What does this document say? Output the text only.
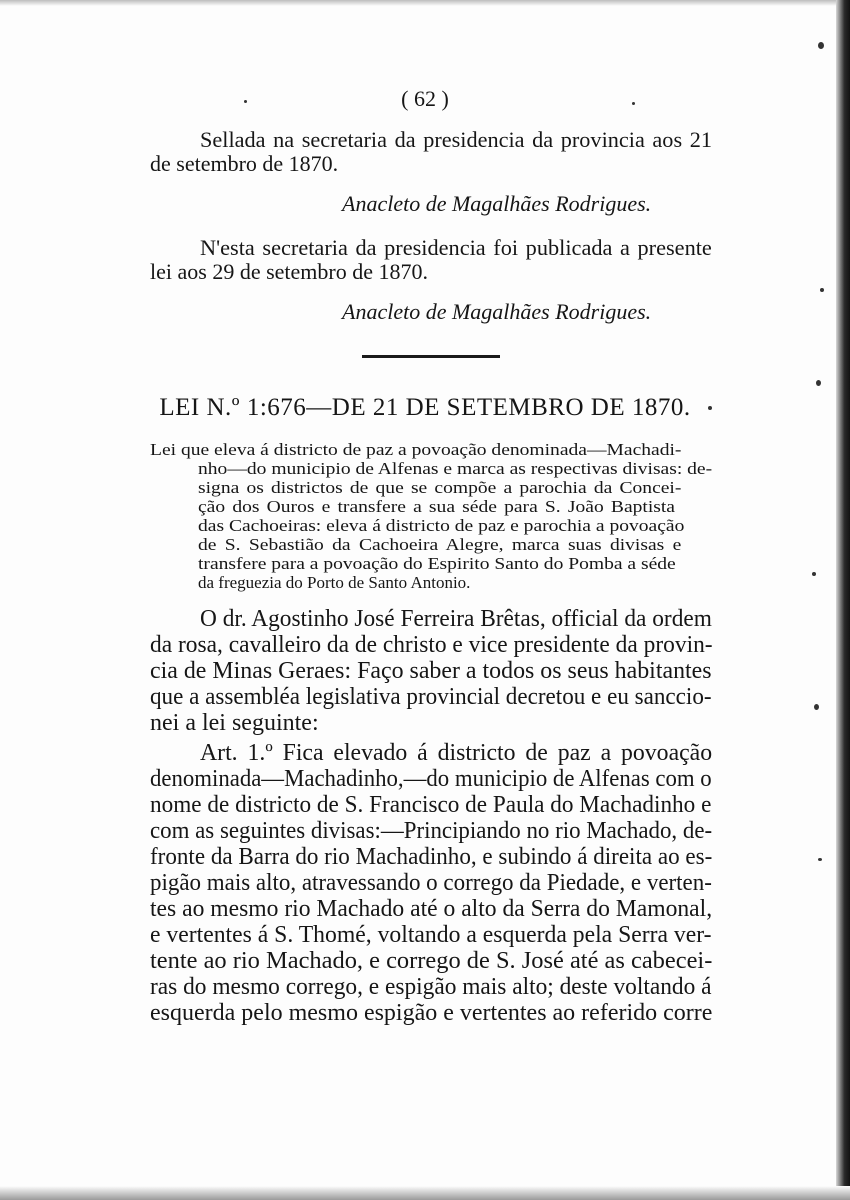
( 62 )
Sellada na secretaria da presidencia da provincia aos 21
de setembro de 1870.
Anacleto de Magalhães Rodrigues.
N'esta secretaria da presidencia foi publicada a presente
lei aos 29 de setembro de 1870.
Anacleto de Magalhães Rodrigues.
LEI N.º 1:676—DE 21 DE SETEMBRO DE 1870.
Lei que eleva á districto de paz a povoação denominada—Machadi-
nho—do municipio de Alfenas e marca as respectivas divisas: de-
signa os districtos de que se compõe a parochia da Concei-
ção dos Ouros e transfere a sua séde para S. João Baptista
das Cachoeiras: eleva á districto de paz e parochia a povoação
de S. Sebastião da Cachoeira Alegre, marca suas divisas e
transfere para a povoação do Espirito Santo do Pomba a séde
da freguezia do Porto de Santo Antonio.
O dr. Agostinho José Ferreira Brêtas, official da ordem
da rosa, cavalleiro da de christo e vice presidente da provin-
cia de Minas Geraes: Faço saber a todos os seus habitantes
que a assembléa legislativa provincial decretou e eu sanccio-
nei a lei seguinte:
Art. 1.º Fica elevado á districto de paz a povoação
denominada—Machadinho,—do municipio de Alfenas com o
nome de districto de S. Francisco de Paula do Machadinho e
com as seguintes divisas:—Principiando no rio Machado, de-
fronte da Barra do rio Machadinho, e subindo á direita ao es-
pigão mais alto, atravessando o corrego da Piedade, e verten-
tes ao mesmo rio Machado até o alto da Serra do Mamonal,
e vertentes á S. Thomé, voltando a esquerda pela Serra ver-
tente ao rio Machado, e corrego de S. José até as cabecei-
ras do mesmo corrego, e espigão mais alto; deste voltando á
esquerda pelo mesmo espigão e vertentes ao referido corre
